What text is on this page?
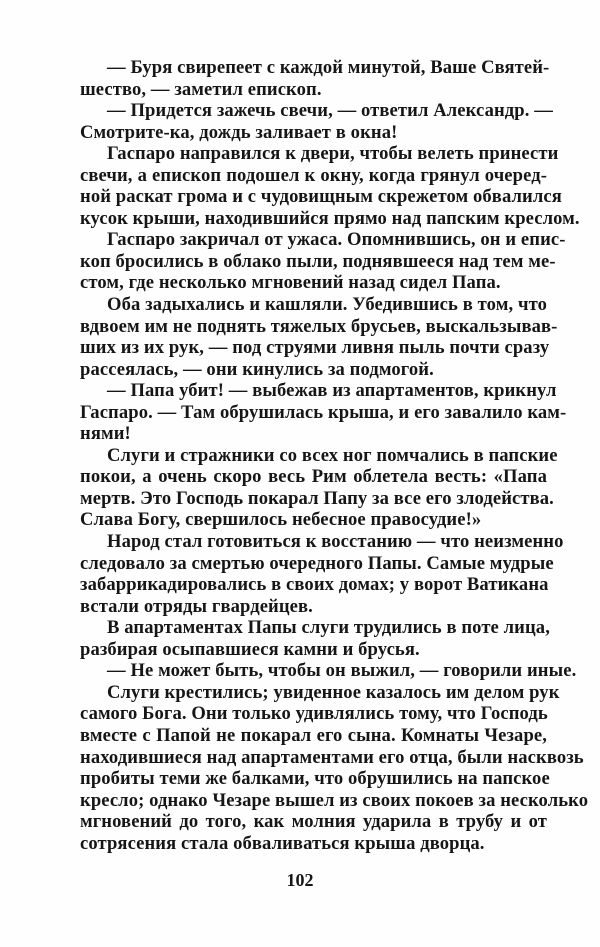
— Буря свирепеет с каждой минутой, Ваше Святей-
шество, — заметил епископ.
— Придется зажечь свечи, — ответил Александр. —
Смотрите-ка, дождь заливает в окна!
Гаспаро направился к двери, чтобы велеть принести
свечи, а епископ подошел к окну, когда грянул очеред-
ной раскат грома и с чудовищным скрежетом обвалился
кусок крыши, находившийся прямо над папским креслом.
Гаспаро закричал от ужаса. Опомнившись, он и епис-
коп бросились в облако пыли, поднявшееся над тем ме-
стом, где несколько мгновений назад сидел Папа.
Оба задыхались и кашляли. Убедившись в том, что
вдвоем им не поднять тяжелых брусьев, выскальзывав-
ших из их рук, — под струями ливня пыль почти сразу
рассеялась, — они кинулись за подмогой.
— Папа убит! — выбежав из апартаментов, крикнул
Гаспаро. — Там обрушилась крыша, и его завалило кам-
нями!
Слуги и стражники со всех ног помчались в папские
покои, а очень скоро весь Рим облетела весть: «Папа
мертв. Это Господь покарал Папу за все его злодейства.
Слава Богу, свершилось небесное правосудие!»
Народ стал готовиться к восстанию — что неизменно
следовало за смертью очередного Папы. Самые мудрые
забаррикадировались в своих домах; у ворот Ватикана
встали отряды гвардейцев.
В апартаментах Папы слуги трудились в поте лица,
разбирая осыпавшиеся камни и брусья.
— Не может быть, чтобы он выжил, — говорили иные.
Слуги крестились; увиденное казалось им делом рук
самого Бога. Они только удивлялись тому, что Господь
вместе с Папой не покарал его сына. Комнаты Чезаре,
находившиеся над апартаментами его отца, были насквозь
пробиты теми же балками, что обрушились на папское
кресло; однако Чезаре вышел из своих покоев за несколько
мгновений до того, как молния ударила в трубу и от
сотрясения стала обваливаться крыша дворца.
102
